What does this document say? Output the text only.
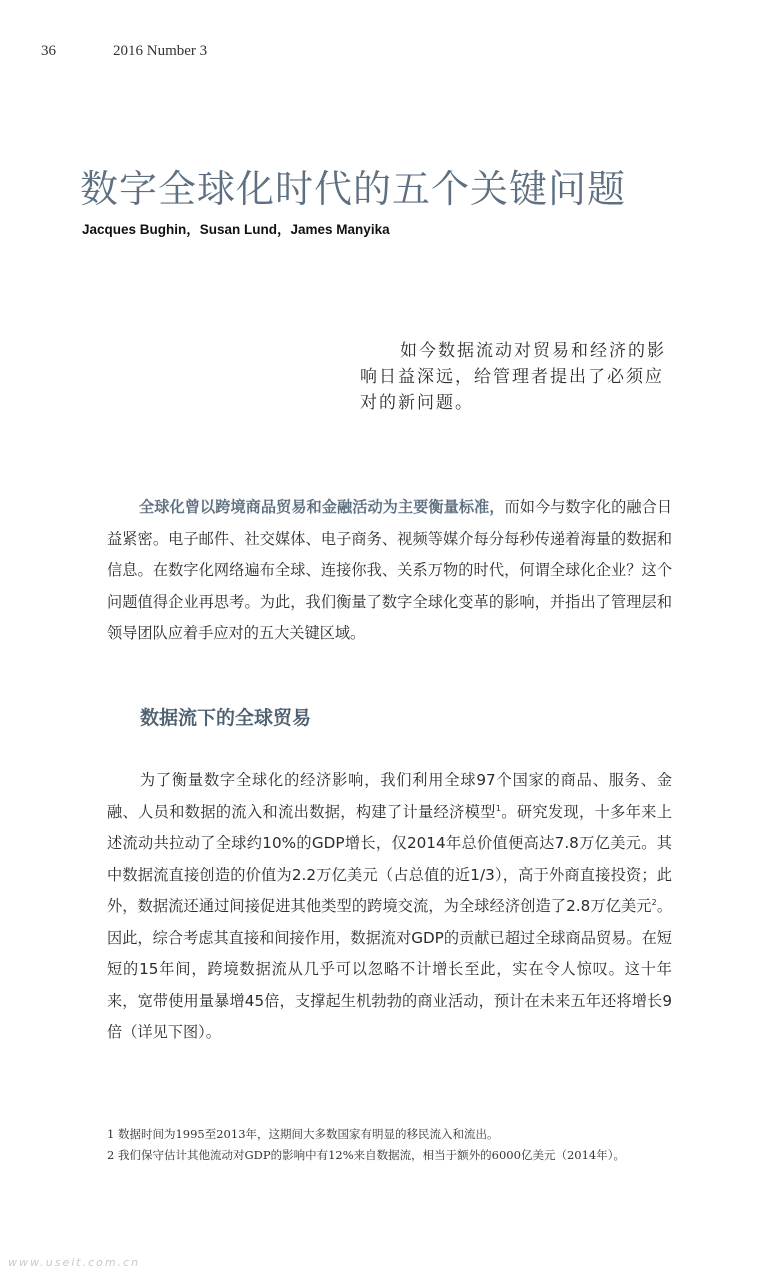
36	2016 Number 3
数字全球化时代的五个关键问题
Jacques Bughin，Susan Lund，James Manyika
如今数据流动对贸易和经济的影响日益深远，给管理者提出了必须应对的新问题。

全球化曾以跨境商品贸易和金融活动为主要衡量标准，而如今与数字化的融合日益紧密。电子邮件、社交媒体、电子商务、视频等媒介每分每秒传递着海量的数据和信息。在数字化网络遍布全球、连接你我、关系万物的时代，何谓全球化企业？这个问题值得企业再思考。为此，我们衡量了数字全球化变革的影响，并指出了管理层和领导团队应着手应对的五大关键区域。

数据流下的全球贸易

为了衡量数字全球化的经济影响，我们利用全球97个国家的商品、服务、金融、人员和数据的流入和流出数据，构建了计量经济模型$^1$。研究发现，十多年来上述流动共拉动了全球约10%的GDP增长，仅2014年总价值便高达7.8万亿美元。其中数据流直接创造的价值为2.2万亿美元（占总值的近1/3），高于外商直接投资；此外，数据流还通过间接促进其他类型的跨境交流，为全球经济创造了2.8万亿美元$^2$。因此，综合考虑其直接和间接作用，数据流对GDP的贡献已超过全球商品贸易。在短短的15年间，跨境数据流从几乎可以忽略不计增长至此，实在令人惊叹。这十年来，宽带使用量暴增45倍，支撑起生机勃勃的商业活动，预计在未来五年还将增长9倍（详见下图）。

1 数据时间为1995至2013年，这期间大多数国家有明显的移民流入和流出。

2 我们保守估计其他流动对GDP的影响中有12%来自数据流，相当于额外的6000亿美元（2014年）。

www.useit.com.cn
